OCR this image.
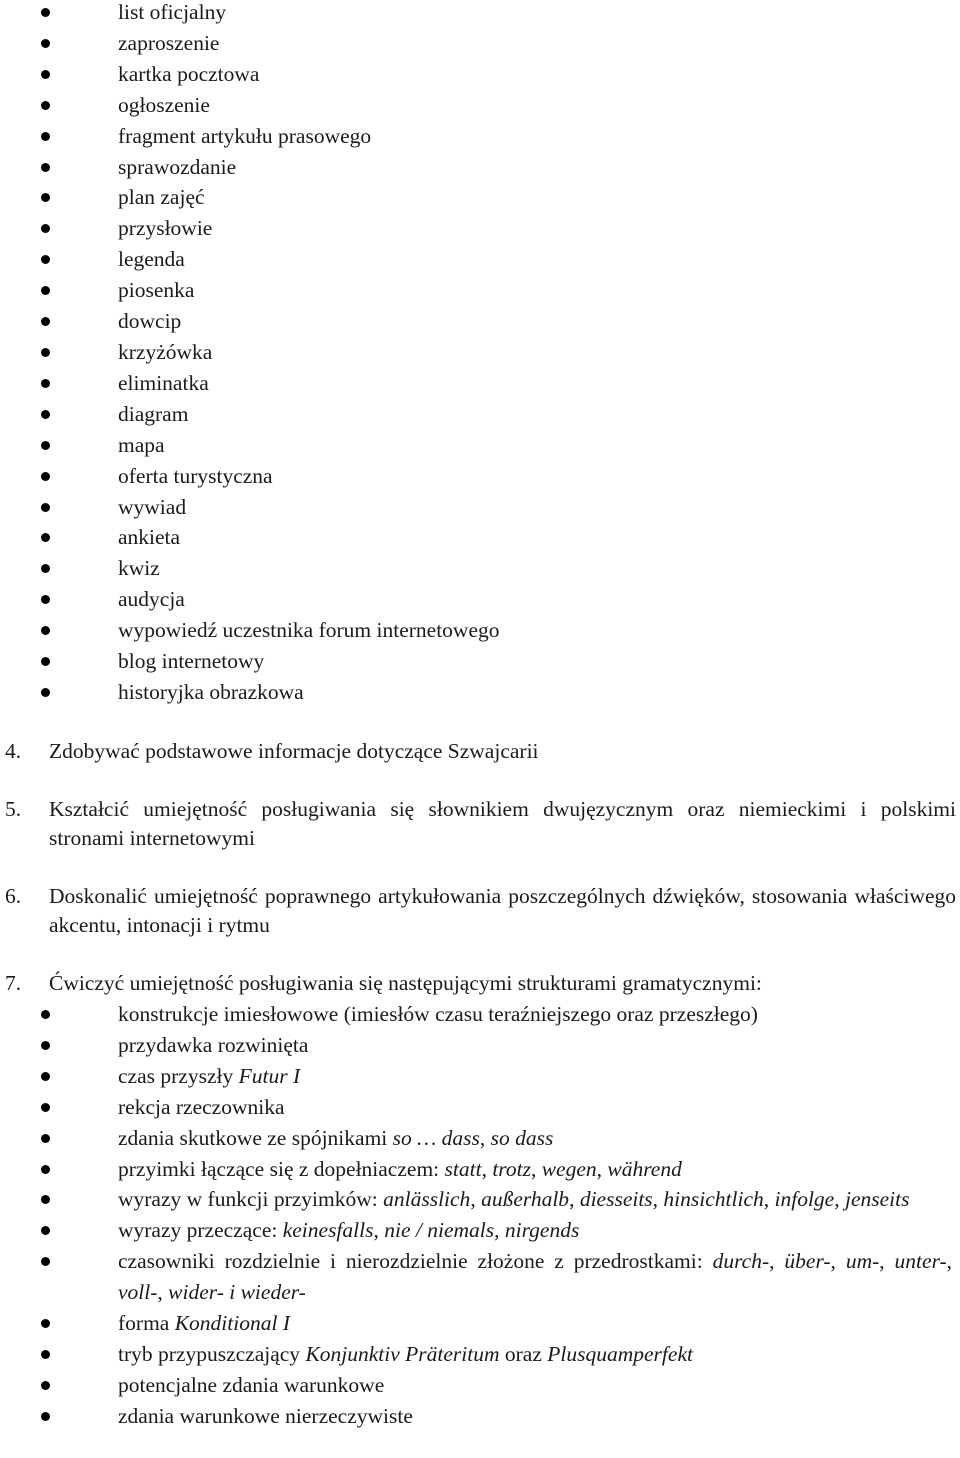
list oficjalny
zaproszenie
kartka pocztowa
ogłoszenie
fragment artykułu prasowego
sprawozdanie
plan zajęć
przysłowie
legenda
piosenka
dowcip
krzyżówka
eliminatka
diagram
mapa
oferta turystyczna
wywiad
ankieta
kwiz
audycja
wypowiedź uczestnika forum internetowego
blog internetowy
historyjka obrazkowa
4. Zdobywać podstawowe informacje dotyczące Szwajcarii
5. Kształcić umiejętność posługiwania się słownikiem dwujęzycznym oraz niemieckimi i polskimi stronami internetowymi
6. Doskonalić umiejętność poprawnego artykułowania poszczególnych dźwięków, stosowania właściwego akcentu, intonacji i rytmu
7. Ćwiczyć umiejętność posługiwania się następującymi strukturami gramatycznymi:
konstrukcje imiesłowowe (imiesłów czasu teraźniejszego oraz przeszłego)
przydawka rozwinięta
czas przyszły Futur I
rekcja rzeczownika
zdania skutkowe ze spójnikami so … dass, so dass
przyimki łączące się z dopełniaczem: statt, trotz, wegen, während
wyrazy w funkcji przyimków: anlässlich, außerhalb, diesseits, hinsichtlich, infolge, jenseits
wyrazy przeczące: keinesfalls, nie / niemals, nirgends
czasowniki rozdzielnie i nierozdzielnie złożone z przedrostkami: durch-, über-, um-, unter-, voll-, wider- i wieder-
forma Konditional I
tryb przypuszczający Konjunktiv Präteritum oraz Plusquamperfekt
potencjalne zdania warunkowe
zdania warunkowe nierzeczywiste
